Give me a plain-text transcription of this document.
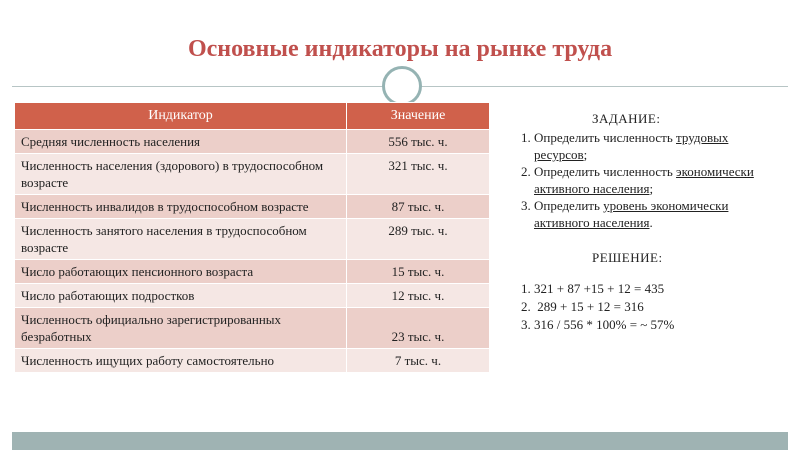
Основные индикаторы на рынке труда
Индикатор	Значение
Средняя численность населения	556 тыс. ч.
Численность населения (здорового) в трудоспособном возрасте	321 тыс. ч.
Численность инвалидов в трудоспособном возрасте	87 тыс. ч.
Численность занятого населения в трудоспособном возрасте	289 тыс. ч.
Число работающих пенсионного возраста	15 тыс. ч.
Число работающих подростков	12 тыс. ч.
Численность официально зарегистрированных безработных	23 тыс. ч.
Численность ищущих работу самостоятельно	7 тыс. ч.
ЗАДАНИЕ:
1. Определить численность трудовых ресурсов;
2. Определить численность экономически активного населения;
3. Определить уровень экономически активного населения.
РЕШЕНИЕ:
1. 321 + 87 +15 + 12 = 435
2.  289 + 15 + 12 = 316
3. 316 / 556 * 100% = ~ 57%
